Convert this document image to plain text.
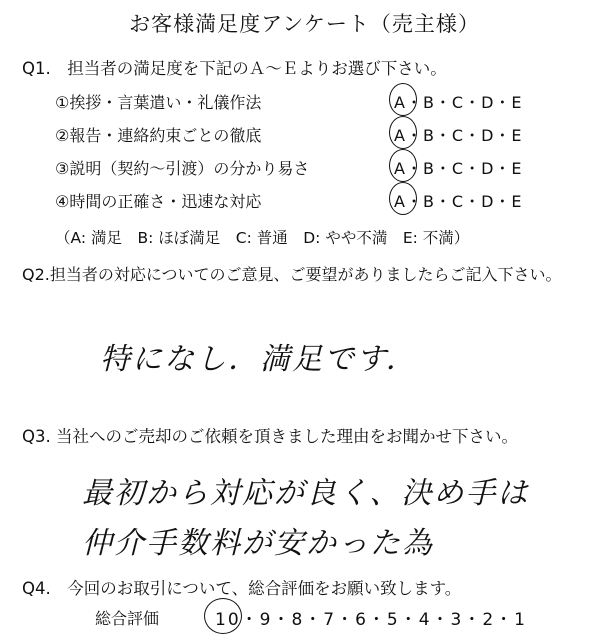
お客様満足度アンケート（売主様）
Q1.　担当者の満足度を下記のＡ～Ｅよりお選び下さい。
①挨拶・言葉遣い・礼儀作法	A・B・C・D・E
②報告・連絡約束ごとの徹底	A・B・C・D・E
③説明（契約～引渡）の分かり易さ	A・B・C・D・E
④時間の正確さ・迅速な対応	A・B・C・D・E
（A: 満足　B: ほぼ満足　C: 普通　D: やや不満　E: 不満）
Q2.担当者の対応についてのご意見、ご要望がありましたらご記入下さい。
特になし．満足です．
Q3. 当社へのご売却のご依頼を頂きました理由をお聞かせ下さい。
最初から対応が良く、決め手は
仲介手数料が安かった為
Q4.　今回のお取引について、総合評価をお願い致します。
総合評価	10・9・8・7・6・5・4・3・2・1
